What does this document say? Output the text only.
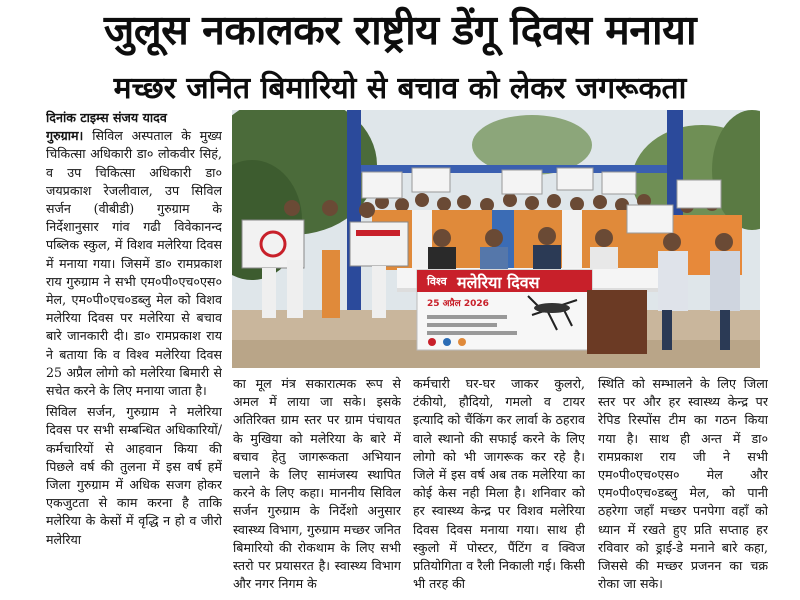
जुलूस नकालकर राष्ट्रीय डेंगू दिवस मनाया
मच्छर जनित बिमारियो से बचाव को लेकर जगरूकता

दिनांक टाइम्स संजय यादव
गुरुग्राम। सिविल अस्पताल के मुख्य चिकित्सा अधिकारी डा० लोकवीर सिहं, व उप चिकित्सा अधिकारी डा० जयप्रकाश रेजलीवाल, उप सिविल सर्जन (वीबीडी) गुरुग्राम के निर्देशानुसार गांव गढी विवेकानन्द पब्लिक स्कुल, में विशव मलेरिया दिवस में मनाया गया। जिसमें डा० रामप्रकाश राय गुरुग्राम ने सभी एम०पी०एच०एस० मेल, एम०पी०एच०डब्लु मेल को विशव मलेरिया दिवस पर मलेरिया से बचाव बारे जानकारी दी। डा० रामप्रकाश राय ने बताया कि व विश्व मलेरिया दिवस 25 अप्रैल लोगो को मलेरिया बिमारी से सचेत करने के लिए मनाया जाता है।

सिविल सर्जन, गुरुग्राम ने मलेरिया दिवस पर सभी सम्बन्धित अधिकारियों/कर्मचारियों से आहवान किया की पिछले वर्ष की तुलना में इस वर्ष हमें जिला गुरुग्राम में अधिक सजग होकर एकजुटता से काम करना है ताकि मलेरिया के केसों में वृद्धि न हो व जीरो मलेरिया

विश्व मलेरिया दिवस
25 अप्रैल 2026

का मूल मंत्र सकारात्मक रूप से अमल में लाया जा सके। इसके अतिरिक्त ग्राम स्तर पर ग्राम पंचायत के मुखिया को मलेरिया के बारे में बचाव हेतु जागरूकता अभियान चलाने के लिए सामंजस्य स्थापित करने के लिए कहा। माननीय सिविल सर्जन गुरुग्राम के निर्देशो अनुसार स्वास्थ्य विभाग, गुरुग्राम मच्छर जनित बिमारियो की रोकथाम के लिए सभी स्तरो पर प्रयासरत है। स्वास्थ्य विभाग और नगर निगम के

कर्मचारी घर-घर जाकर कुलरो, टंकीयो, हौदियो, गमलो व टायर इत्यादि को चैंकिंग कर लार्वा के ठहराव वाले स्थानो की सफाई करने के लिए लोगो को भी जागरूक कर रहे है। जिले में इस वर्ष अब तक मलेरिया का कोई केस नही मिला है। शनिवार को हर स्वास्थ्य केन्द्र पर विशव मलेरिया दिवस दिवस मनाया गया। साथ ही स्कुलो में पोस्टर, पैंटिंग व क्विज प्रतियोगिता व रैली निकाली गई। किसी भी तरह की

स्थिति को सम्भालने के लिए जिला स्तर पर और हर स्वास्थ्य केन्द्र पर रेपिड रिस्पोंस टीम का गठन किया गया है। साथ ही अन्त में डा० रामप्रकाश राय जी ने सभी एम०पी०एच०एस० मेल और एम०पी०एच०डब्लु मेल, को पानी ठहरेगा जहाँ मच्छर पनपेगा वहाँ को ध्यान में रखते हुए प्रति सप्ताह हर रविवार को ड्राई-डे मनाने बारे कहा, जिससे की मच्छर प्रजनन का चक्र रोका जा सके।
